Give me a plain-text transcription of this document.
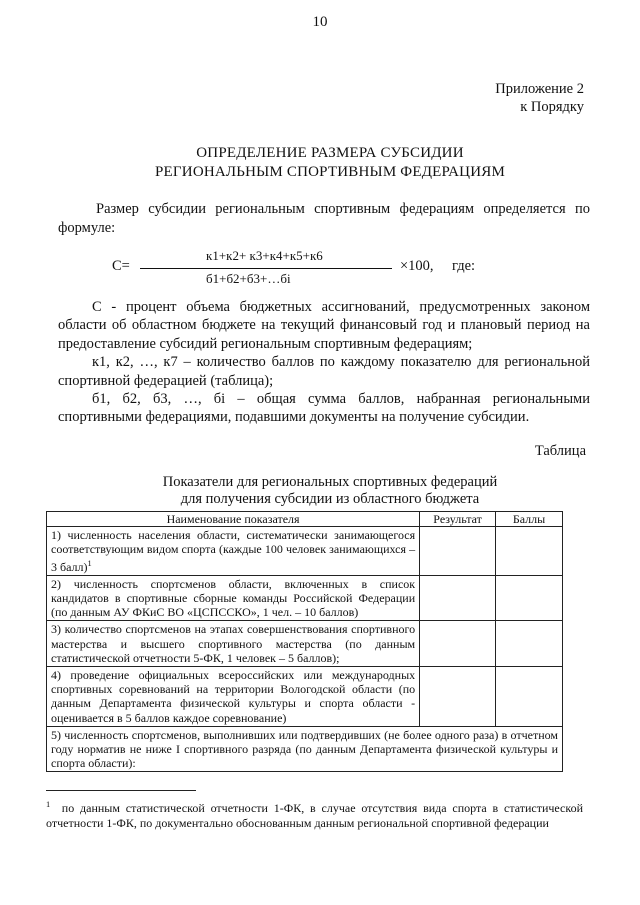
10
Приложение 2
к Порядку
ОПРЕДЕЛЕНИЕ РАЗМЕРА СУБСИДИИ
РЕГИОНАЛЬНЫМ СПОРТИВНЫМ ФЕДЕРАЦИЯМ
Размер субсидии региональным спортивным федерациям определяется по формуле:
С=
к1+к2+ к3+к4+к5+к6
б1+б2+б3+…бi
×100, где:

С - процент объема бюджетных ассигнований, предусмотренных законом области об областном бюджете на текущий финансовый год и плановый период на предоставление субсидий региональным спортивным федерациям;

к1, к2, …, к7 – количество баллов по каждому показателю для региональной спортивной федерацией (таблица);

б1, б2, б3, …, бi – общая сумма баллов, набранная региональными спортивными федерациями, подавшими документы на получение субсидии.

Таблица
Показатели для региональных спортивных федераций
для получения субсидии из областного бюджета
Наименование показателя	Результат	Баллы
1) численность населения области, систематически занимающегося соответствующим видом спорта (каждые 100 человек занимающихся – 3 балл)$^1$		
2) численность спортсменов области, включенных в список кандидатов в спортивные сборные команды Российской Федерации (по данным АУ ФКиС ВО «ЦСПССКО», 1 чел. – 10 баллов)		
3) количество спортсменов на этапах совершенствования спортивного мастерства и высшего спортивного мастерства (по данным статистической отчетности 5-ФК, 1 человек – 5 баллов);		
4) проведение официальных всероссийских или международных спортивных соревнований на территории Вологодской области (по данным Департамента физической культуры и спорта области - оценивается в 5 баллов каждое соревнование)		
5) численность спортсменов, выполнивших или подтвердивших (не более одного раза) в отчетном году норматив не ниже I спортивного разряда (по данным Департамента физической культуры и спорта области):		
$^1$ по данным статистической отчетности 1-ФК, в случае отсутствия вида спорта в статистической отчетности 1-ФК, по документально обоснованным данным региональной спортивной федерации
